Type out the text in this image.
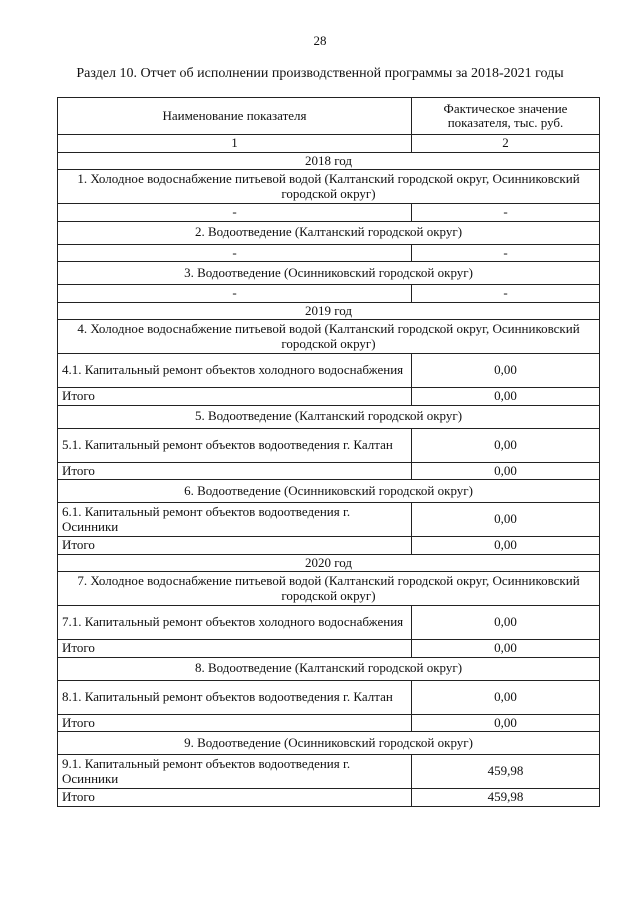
28
Раздел 10. Отчет об исполнении производственной программы за 2018-2021 годы
Наименование показателя	Фактическое значение показателя, тыс. руб.
1	2
2018 год	
1. Холодное водоснабжение питьевой водой (Калтанский городской округ, Осинниковский городской округ)	
-	-
2. Водоотведение (Калтанский городской округ)	
-	-
3. Водоотведение (Осинниковский городской округ)	
-	-
2019 год	
4. Холодное водоснабжение питьевой водой (Калтанский городской округ, Осинниковский городской округ)	
4.1. Капитальный ремонт объектов холодного водоснабжения	0,00
Итого	0,00
5. Водоотведение (Калтанский городской округ)	
5.1. Капитальный ремонт объектов водоотведения г. Калтан	0,00
Итого	0,00
6. Водоотведение (Осинниковский городской округ)	
6.1. Капитальный ремонт объектов водоотведения г. Осинники	0,00
Итого	0,00
2020 год	
7. Холодное водоснабжение питьевой водой (Калтанский городской округ, Осинниковский городской округ)	
7.1. Капитальный ремонт объектов холодного водоснабжения	0,00
Итого	0,00
8. Водоотведение (Калтанский городской округ)	
8.1. Капитальный ремонт объектов водоотведения г. Калтан	0,00
Итого	0,00
9. Водоотведение (Осинниковский городской округ)	
9.1. Капитальный ремонт объектов водоотведения г. Осинники	459,98
Итого	459,98
